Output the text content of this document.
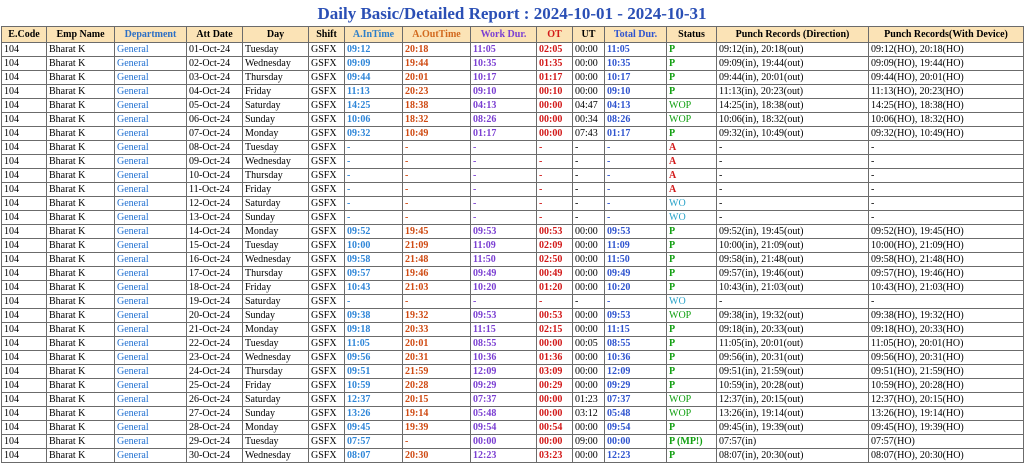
Daily Basic/Detailed Report : 2024-10-01 - 2024-10-31
E.Code	Emp Name	Department	Att Date	Day	Shift	A.InTime	A.OutTime	Work Dur.	OT	UT	Total Dur.	Status	Punch Records (Direction)	Punch Records(With Device)
104	Bharat K	General	01-Oct-24	Tuesday	GSFX	09:12	20:18	11:05	02:05	00:00	11:05	P	09:12(in), 20:18(out)	09:12(HO), 20:18(HO)
104	Bharat K	General	02-Oct-24	Wednesday	GSFX	09:09	19:44	10:35	01:35	00:00	10:35	P	09:09(in), 19:44(out)	09:09(HO), 19:44(HO)
104	Bharat K	General	03-Oct-24	Thursday	GSFX	09:44	20:01	10:17	01:17	00:00	10:17	P	09:44(in), 20:01(out)	09:44(HO), 20:01(HO)
104	Bharat K	General	04-Oct-24	Friday	GSFX	11:13	20:23	09:10	00:10	00:00	09:10	P	11:13(in), 20:23(out)	11:13(HO), 20:23(HO)
104	Bharat K	General	05-Oct-24	Saturday	GSFX	14:25	18:38	04:13	00:00	04:47	04:13	WOP	14:25(in), 18:38(out)	14:25(HO), 18:38(HO)
104	Bharat K	General	06-Oct-24	Sunday	GSFX	10:06	18:32	08:26	00:00	00:34	08:26	WOP	10:06(in), 18:32(out)	10:06(HO), 18:32(HO)
104	Bharat K	General	07-Oct-24	Monday	GSFX	09:32	10:49	01:17	00:00	07:43	01:17	P	09:32(in), 10:49(out)	09:32(HO), 10:49(HO)
104	Bharat K	General	08-Oct-24	Tuesday	GSFX	-	-	-	-	-	-	A	-	-
104	Bharat K	General	09-Oct-24	Wednesday	GSFX	-	-	-	-	-	-	A	-	-
104	Bharat K	General	10-Oct-24	Thursday	GSFX	-	-	-	-	-	-	A	-	-
104	Bharat K	General	11-Oct-24	Friday	GSFX	-	-	-	-	-	-	A	-	-
104	Bharat K	General	12-Oct-24	Saturday	GSFX	-	-	-	-	-	-	WO	-	-
104	Bharat K	General	13-Oct-24	Sunday	GSFX	-	-	-	-	-	-	WO	-	-
104	Bharat K	General	14-Oct-24	Monday	GSFX	09:52	19:45	09:53	00:53	00:00	09:53	P	09:52(in), 19:45(out)	09:52(HO), 19:45(HO)
104	Bharat K	General	15-Oct-24	Tuesday	GSFX	10:00	21:09	11:09	02:09	00:00	11:09	P	10:00(in), 21:09(out)	10:00(HO), 21:09(HO)
104	Bharat K	General	16-Oct-24	Wednesday	GSFX	09:58	21:48	11:50	02:50	00:00	11:50	P	09:58(in), 21:48(out)	09:58(HO), 21:48(HO)
104	Bharat K	General	17-Oct-24	Thursday	GSFX	09:57	19:46	09:49	00:49	00:00	09:49	P	09:57(in), 19:46(out)	09:57(HO), 19:46(HO)
104	Bharat K	General	18-Oct-24	Friday	GSFX	10:43	21:03	10:20	01:20	00:00	10:20	P	10:43(in), 21:03(out)	10:43(HO), 21:03(HO)
104	Bharat K	General	19-Oct-24	Saturday	GSFX	-	-	-	-	-	-	WO	-	-
104	Bharat K	General	20-Oct-24	Sunday	GSFX	09:38	19:32	09:53	00:53	00:00	09:53	WOP	09:38(in), 19:32(out)	09:38(HO), 19:32(HO)
104	Bharat K	General	21-Oct-24	Monday	GSFX	09:18	20:33	11:15	02:15	00:00	11:15	P	09:18(in), 20:33(out)	09:18(HO), 20:33(HO)
104	Bharat K	General	22-Oct-24	Tuesday	GSFX	11:05	20:01	08:55	00:00	00:05	08:55	P	11:05(in), 20:01(out)	11:05(HO), 20:01(HO)
104	Bharat K	General	23-Oct-24	Wednesday	GSFX	09:56	20:31	10:36	01:36	00:00	10:36	P	09:56(in), 20:31(out)	09:56(HO), 20:31(HO)
104	Bharat K	General	24-Oct-24	Thursday	GSFX	09:51	21:59	12:09	03:09	00:00	12:09	P	09:51(in), 21:59(out)	09:51(HO), 21:59(HO)
104	Bharat K	General	25-Oct-24	Friday	GSFX	10:59	20:28	09:29	00:29	00:00	09:29	P	10:59(in), 20:28(out)	10:59(HO), 20:28(HO)
104	Bharat K	General	26-Oct-24	Saturday	GSFX	12:37	20:15	07:37	00:00	01:23	07:37	WOP	12:37(in), 20:15(out)	12:37(HO), 20:15(HO)
104	Bharat K	General	27-Oct-24	Sunday	GSFX	13:26	19:14	05:48	00:00	03:12	05:48	WOP	13:26(in), 19:14(out)	13:26(HO), 19:14(HO)
104	Bharat K	General	28-Oct-24	Monday	GSFX	09:45	19:39	09:54	00:54	00:00	09:54	P	09:45(in), 19:39(out)	09:45(HO), 19:39(HO)
104	Bharat K	General	29-Oct-24	Tuesday	GSFX	07:57	-	00:00	00:00	09:00	00:00	P (MP!)	07:57(in)	07:57(HO)
104	Bharat K	General	30-Oct-24	Wednesday	GSFX	08:07	20:30	12:23	03:23	00:00	12:23	P	08:07(in), 20:30(out)	08:07(HO), 20:30(HO)
